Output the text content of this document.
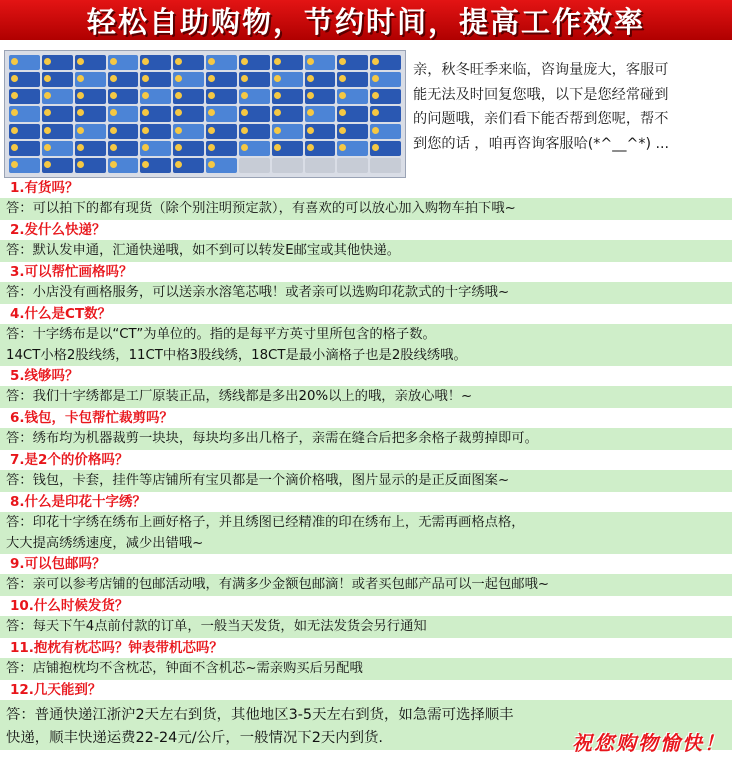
轻松自助购物，节约时间，提高工作效率
亲，秋冬旺季来临，咨询量庞大，客服可
能无法及时回复您哦，以下是您经常碰到
的问题哦，亲们看下能否帮到您呢，帮不
到您的话 ，咱再咨询客服哈(*^__^*) ...
1.有货吗？
答：可以拍下的都有现货（除个别注明预定款），有喜欢的可以放心加入购物车拍下哦~
2.发什么快递？
答：默认发申通，汇通快递哦，如不到可以转发E邮宝或其他快递。
3.可以帮忙画格吗？
答：小店没有画格服务，可以送亲水溶笔芯哦！或者亲可以选购印花款式的十字绣哦~
4.什么是CT数？
答：十字绣布是以“CT”为单位的。指的是每平方英寸里所包含的格子数。
14CT小格2股线绣，11CT中格3股线绣，18CT是最小滴格子也是2股线绣哦。
5.线够吗？
答：我们十字绣都是工厂原装正品，绣线都是多出20%以上的哦，亲放心哦！~
6.钱包，卡包帮忙裁剪吗？
答：绣布均为机器裁剪一块块，每块均多出几格子，亲需在缝合后把多余格子裁剪掉即可。
7.是2个的价格吗？
答：钱包，卡套，挂件等店铺所有宝贝都是一个滴价格哦，图片显示的是正反面图案~
8.什么是印花十字绣？
答：印花十字绣在绣布上画好格子，并且绣图已经精准的印在绣布上，无需再画格点格，
大大提高绣绣速度，减少出错哦~
9.可以包邮吗？
答：亲可以参考店铺的包邮活动哦，有满多少金额包邮滴！或者买包邮产品可以一起包邮哦~
10.什么时候发货？
答：每天下午4点前付款的订单，一般当天发货，如无法发货会另行通知
11.抱枕有枕芯吗？钟表带机芯吗？
答：店铺抱枕均不含枕芯，钟面不含机芯~需亲购买后另配哦
12.几天能到？
答：普通快递江浙沪2天左右到货，其他地区3-5天左右到货，如急需可选择顺丰
快递，顺丰快递运费22-24元/公斤，一般情况下2天内到货.	祝您购物愉快！
